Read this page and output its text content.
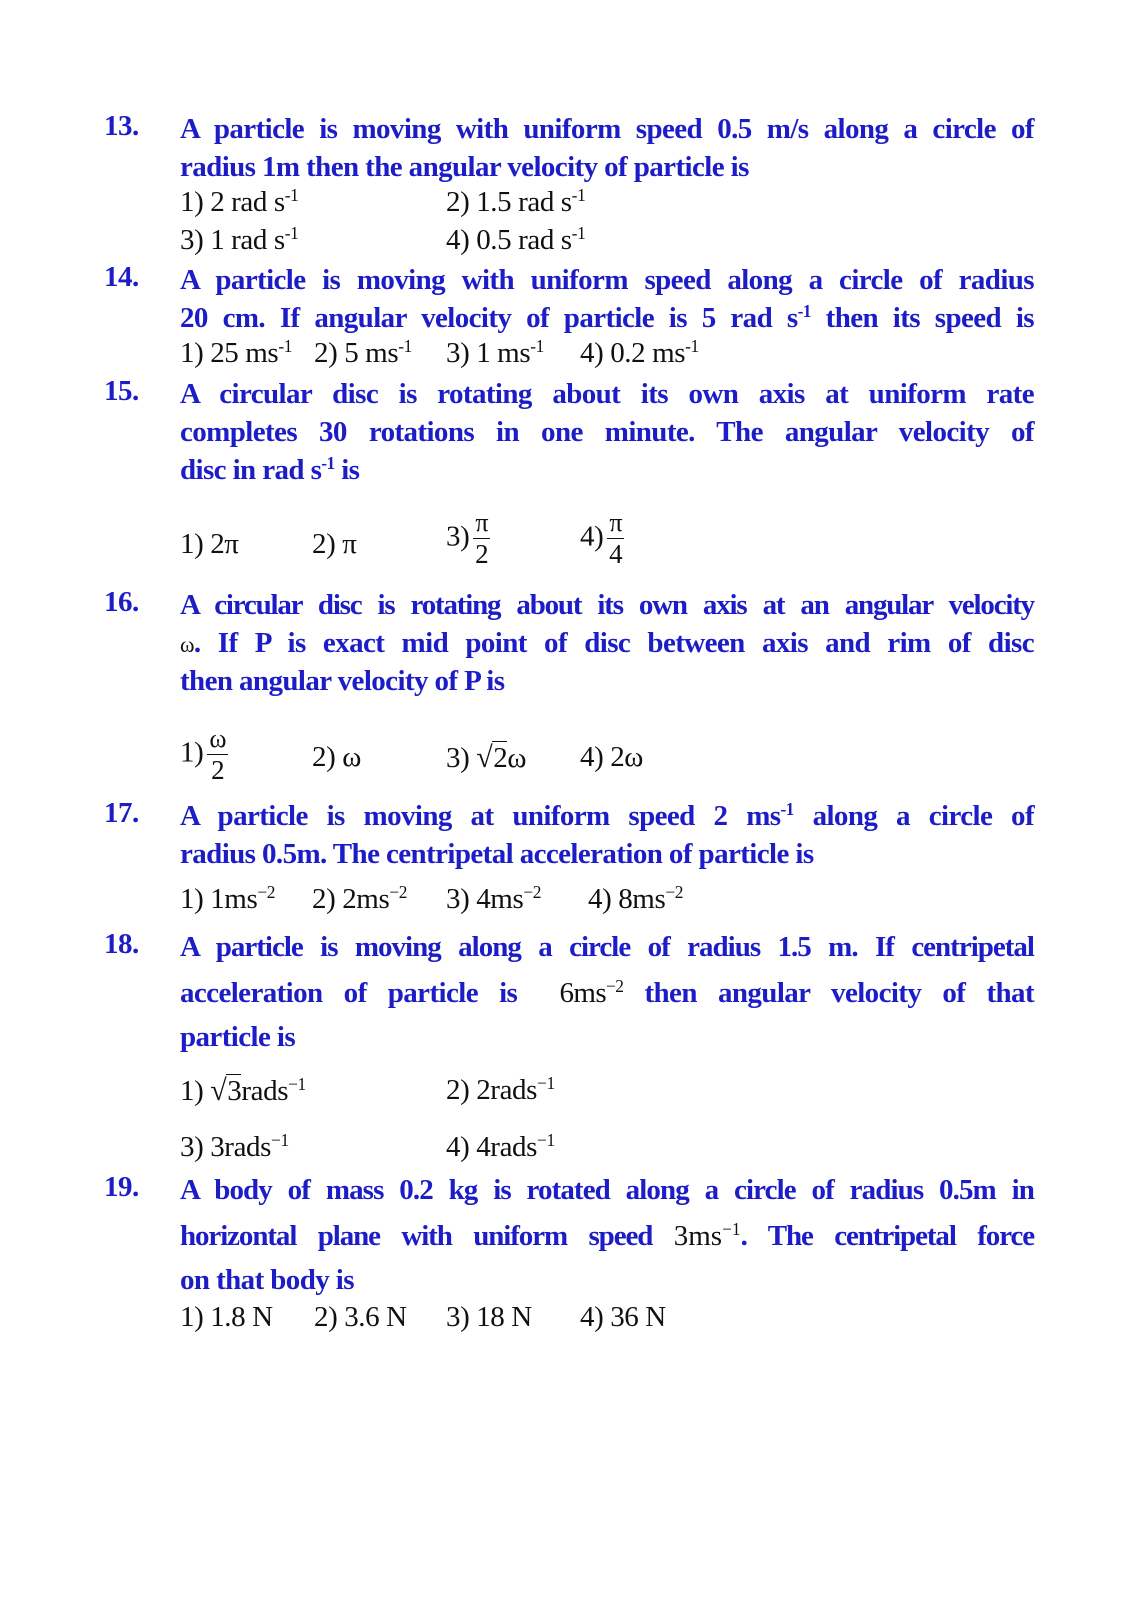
13. A particle is moving with uniform speed 0.5 m/s along a circle of
radius 1m then the angular velocity of particle is
1) 2 rad $s^{-1}$	2) 1.5 rad $s^{-1}$
3) 1 rad $s^{-1}$	4) 0.5 rad $s^{-1}$
14. A particle is moving with uniform speed along a circle of radius
20 cm. If angular velocity of particle is 5 rad $s^{-1}$ then its speed is
1) 25 $ms^{-1}$ 2) 5 $ms^{-1}$ 3) 1 $ms^{-1}$ 4) 0.2 $ms^{-1}$
15. A circular disc is rotating about its own axis at uniform rate
completes 30 rotations in one minute. The angular velocity of
disc in rad $s^{-1}$ is
1) 2π	2) π	$3) \frac{\pi}{2}$	$4) \frac{\pi}{4}$
16. A circular disc is rotating about its own axis at an angular velocity
ω. If P is exact mid point of disc between axis and rim of disc
then angular velocity of P is
$1) \frac{\omega}{2}$	2) ω	3) √2ω 4) 2ω
17. A particle is moving at uniform speed 2 $ms^{-1}$ along a circle of
radius 0.5m. The centripetal acceleration of particle is
1) $1ms^{-2}$ 2) $2ms^{-2}$ 3) $4ms^{-2}$ 4) $8ms^{-2}$
18. A particle is moving along a circle of radius 1.5 m. If centripetal
acceleration of particle is $6ms^{-2}$ then angular velocity of that
particle is
1) √3rads$^{-1}$	2) 2rads$^{-1}$
3) 3rads$^{-1}$	4) 4rads$^{-1}$
19. A body of mass 0.2 kg is rotated along a circle of radius 0.5m in
horizontal plane with uniform speed $3ms^{-1}$. The centripetal force
on that body is
1) 1.8 N 2) 3.6 N 3) 18 N 4) 36 N
